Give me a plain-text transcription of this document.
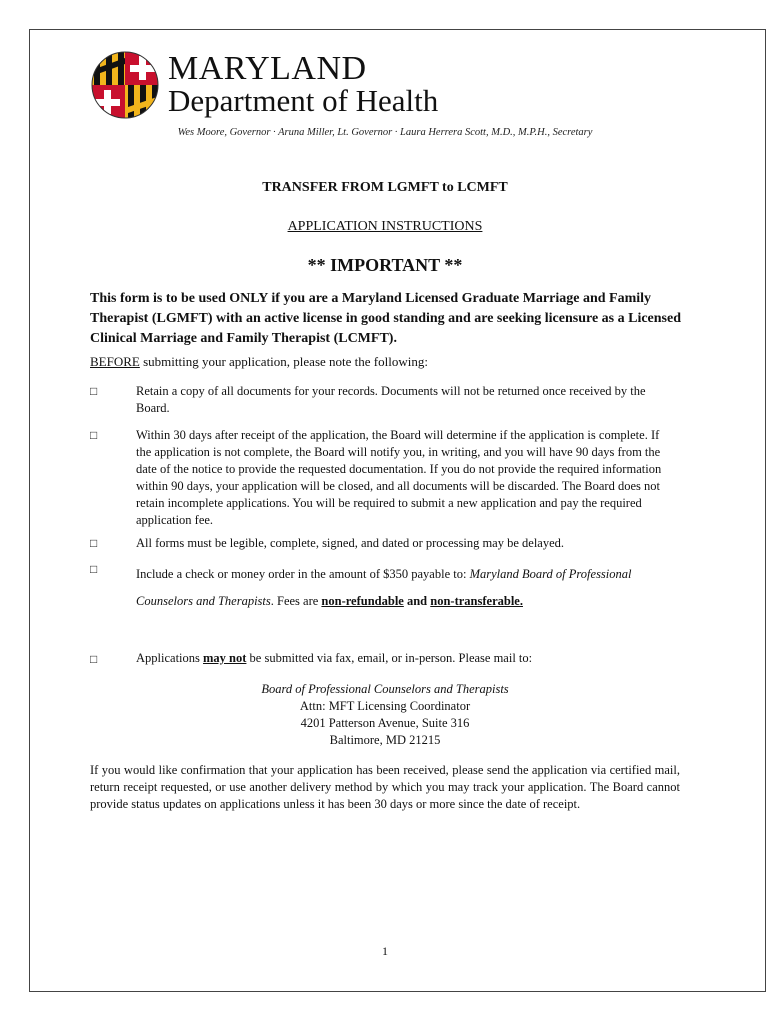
MARYLAND
Department of Health
Wes Moore, Governor · Aruna Miller, Lt. Governor · Laura Herrera Scott, M.D., M.P.H., Secretary
TRANSFER FROM LGMFT to LCMFT
APPLICATION INSTRUCTIONS
** IMPORTANT **
This form is to be used ONLY if you are a Maryland Licensed Graduate Marriage and Family Therapist (LGMFT) with an active license in good standing and are seeking licensure as a Licensed Clinical Marriage and Family Therapist (LCMFT).
BEFORE submitting your application, please note the following:
□	Retain a copy of all documents for your records. Documents will not be returned once received by the Board.
□	Within 30 days after receipt of the application, the Board will determine if the application is complete. If the application is not complete, the Board will notify you, in writing, and you will have 90 days from the date of the notice to provide the requested documentation. If you do not provide the required information within 90 days, your application will be closed, and all documents will be discarded. The Board does not retain incomplete applications. You will be required to submit a new application and pay the required application fee.
□	All forms must be legible, complete, signed, and dated or processing may be delayed.
□	Include a check or money order in the amount of $350 payable to: Maryland Board of Professional Counselors and Therapists. Fees are non-refundable and non-transferable.
□	Applications may not be submitted via fax, email, or in-person. Please mail to:
Board of Professional Counselors and Therapists
Attn: MFT Licensing Coordinator
4201 Patterson Avenue, Suite 316
Baltimore, MD 21215
If you would like confirmation that your application has been received, please send the application via certified mail, return receipt requested, or use another delivery method by which you may track your application. The Board cannot provide status updates on applications unless it has been 30 days or more since the date of receipt.
1
